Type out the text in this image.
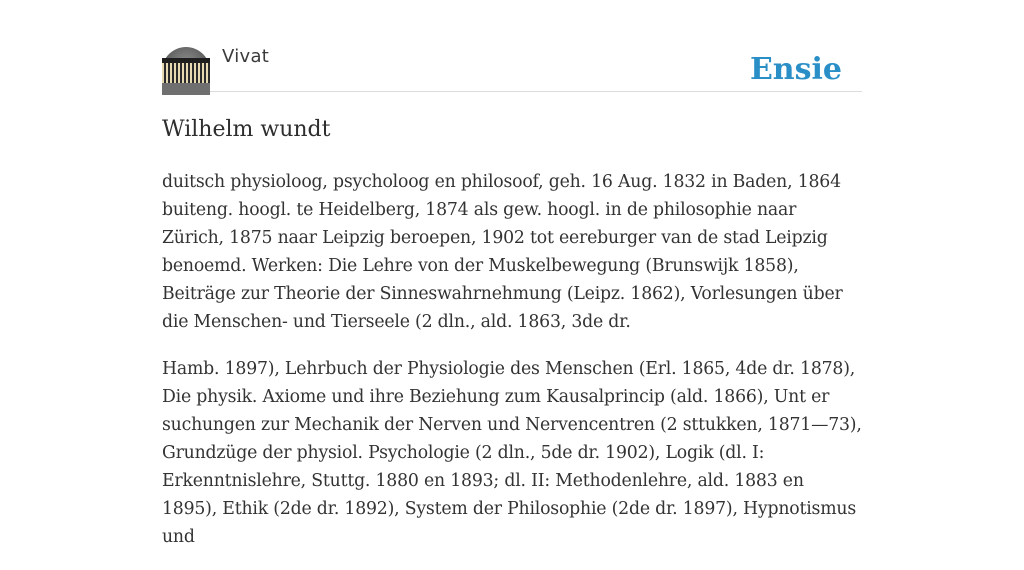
Vivat	Ensie
Wilhelm wundt

duitsch physioloog, psycholoog en philosoof, geh. 16 Aug. 1832 in Baden, 1864 buiteng. hoogl. te Heidelberg, 1874 als gew. hoogl. in de philosophie naar Zürich, 1875 naar Leipzig beroepen, 1902 tot eereburger van de stad Leipzig benoemd. Werken: Die Lehre von der Muskelbewegung (Brunswijk 1858), Beiträge zur Theorie der Sinneswahrnehmung (Leipz. 1862), Vorlesungen über die Menschen- und Tierseele (2 dln., ald. 1863, 3de dr.

Hamb. 1897), Lehrbuch der Physiologie des Menschen (Erl. 1865, 4de dr. 1878), Die physik. Axiome und ihre Beziehung zum Kausalprincip (ald. 1866), Unt er suchungen zur Mechanik der Nerven und Nervencentren (2 sttukken, 1871—73), Grundzüge der physiol. Psychologie (2 dln., 5de dr. 1902), Logik (dl. I: Erkenntnislehre, Stuttg. 1880 en 1893; dl. II: Methodenlehre, ald. 1883 en 1895), Ethik (2de dr. 1892), System der Philosophie (2de dr. 1897), Hypnotismus und
